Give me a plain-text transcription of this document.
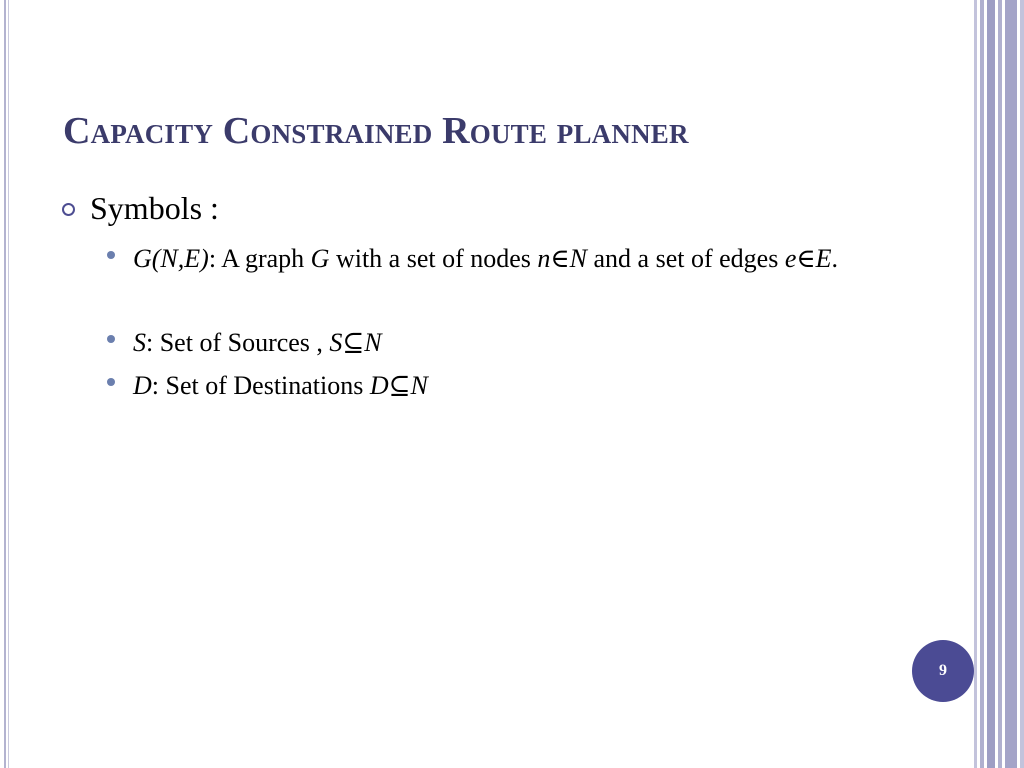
Capacity Constrained Route planner
Symbols :
G(N,E): A graph G with a set of nodes n∈N and a set of edges e∈E.
S: Set of Sources , S⊆N
D: Set of Destinations D⊆N
9
